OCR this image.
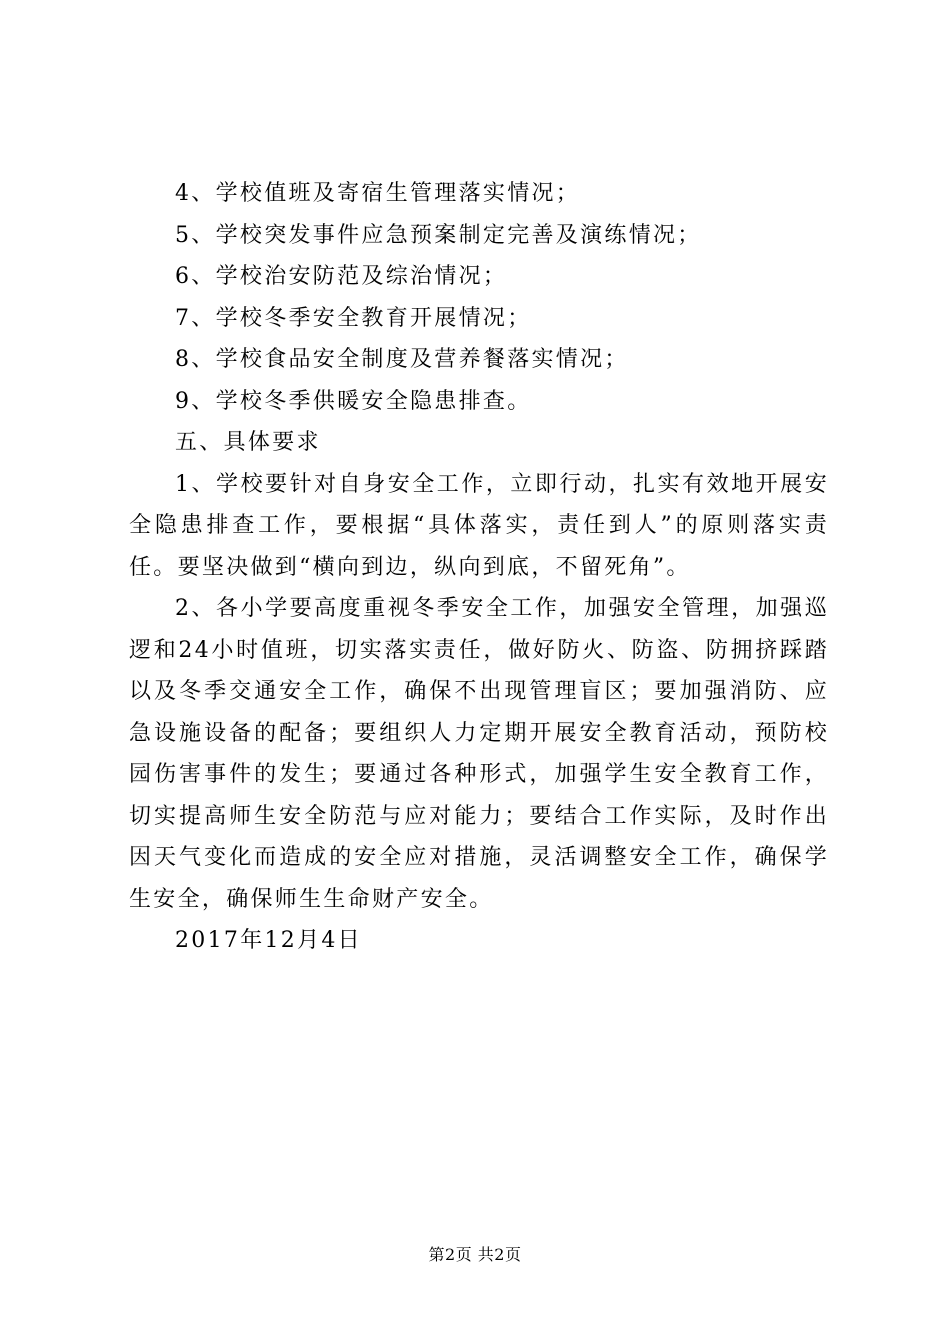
4、学校值班及寄宿生管理落实情况；
5、学校突发事件应急预案制定完善及演练情况；
6、学校治安防范及综治情况；
7、学校冬季安全教育开展情况；
8、学校食品安全制度及营养餐落实情况；
9、学校冬季供暖安全隐患排查。
五、具体要求
1、学校要针对自身安全工作，立即行动，扎实有效地开展安全隐患排查工作，要根据“具体落实，责任到人”的原则落实责任。要坚决做到“横向到边，纵向到底，不留死角”。
2、各小学要高度重视冬季安全工作，加强安全管理，加强巡逻和24小时值班，切实落实责任，做好防火、防盗、防拥挤踩踏以及冬季交通安全工作，确保不出现管理盲区；要加强消防、应急设施设备的配备；要组织人力定期开展安全教育活动，预防校园伤害事件的发生；要通过各种形式，加强学生安全教育工作，切实提高师生安全防范与应对能力；要结合工作实际，及时作出因天气变化而造成的安全应对措施，灵活调整安全工作，确保学生安全，确保师生生命财产安全。
2017年12月4日
第2页 共2页
